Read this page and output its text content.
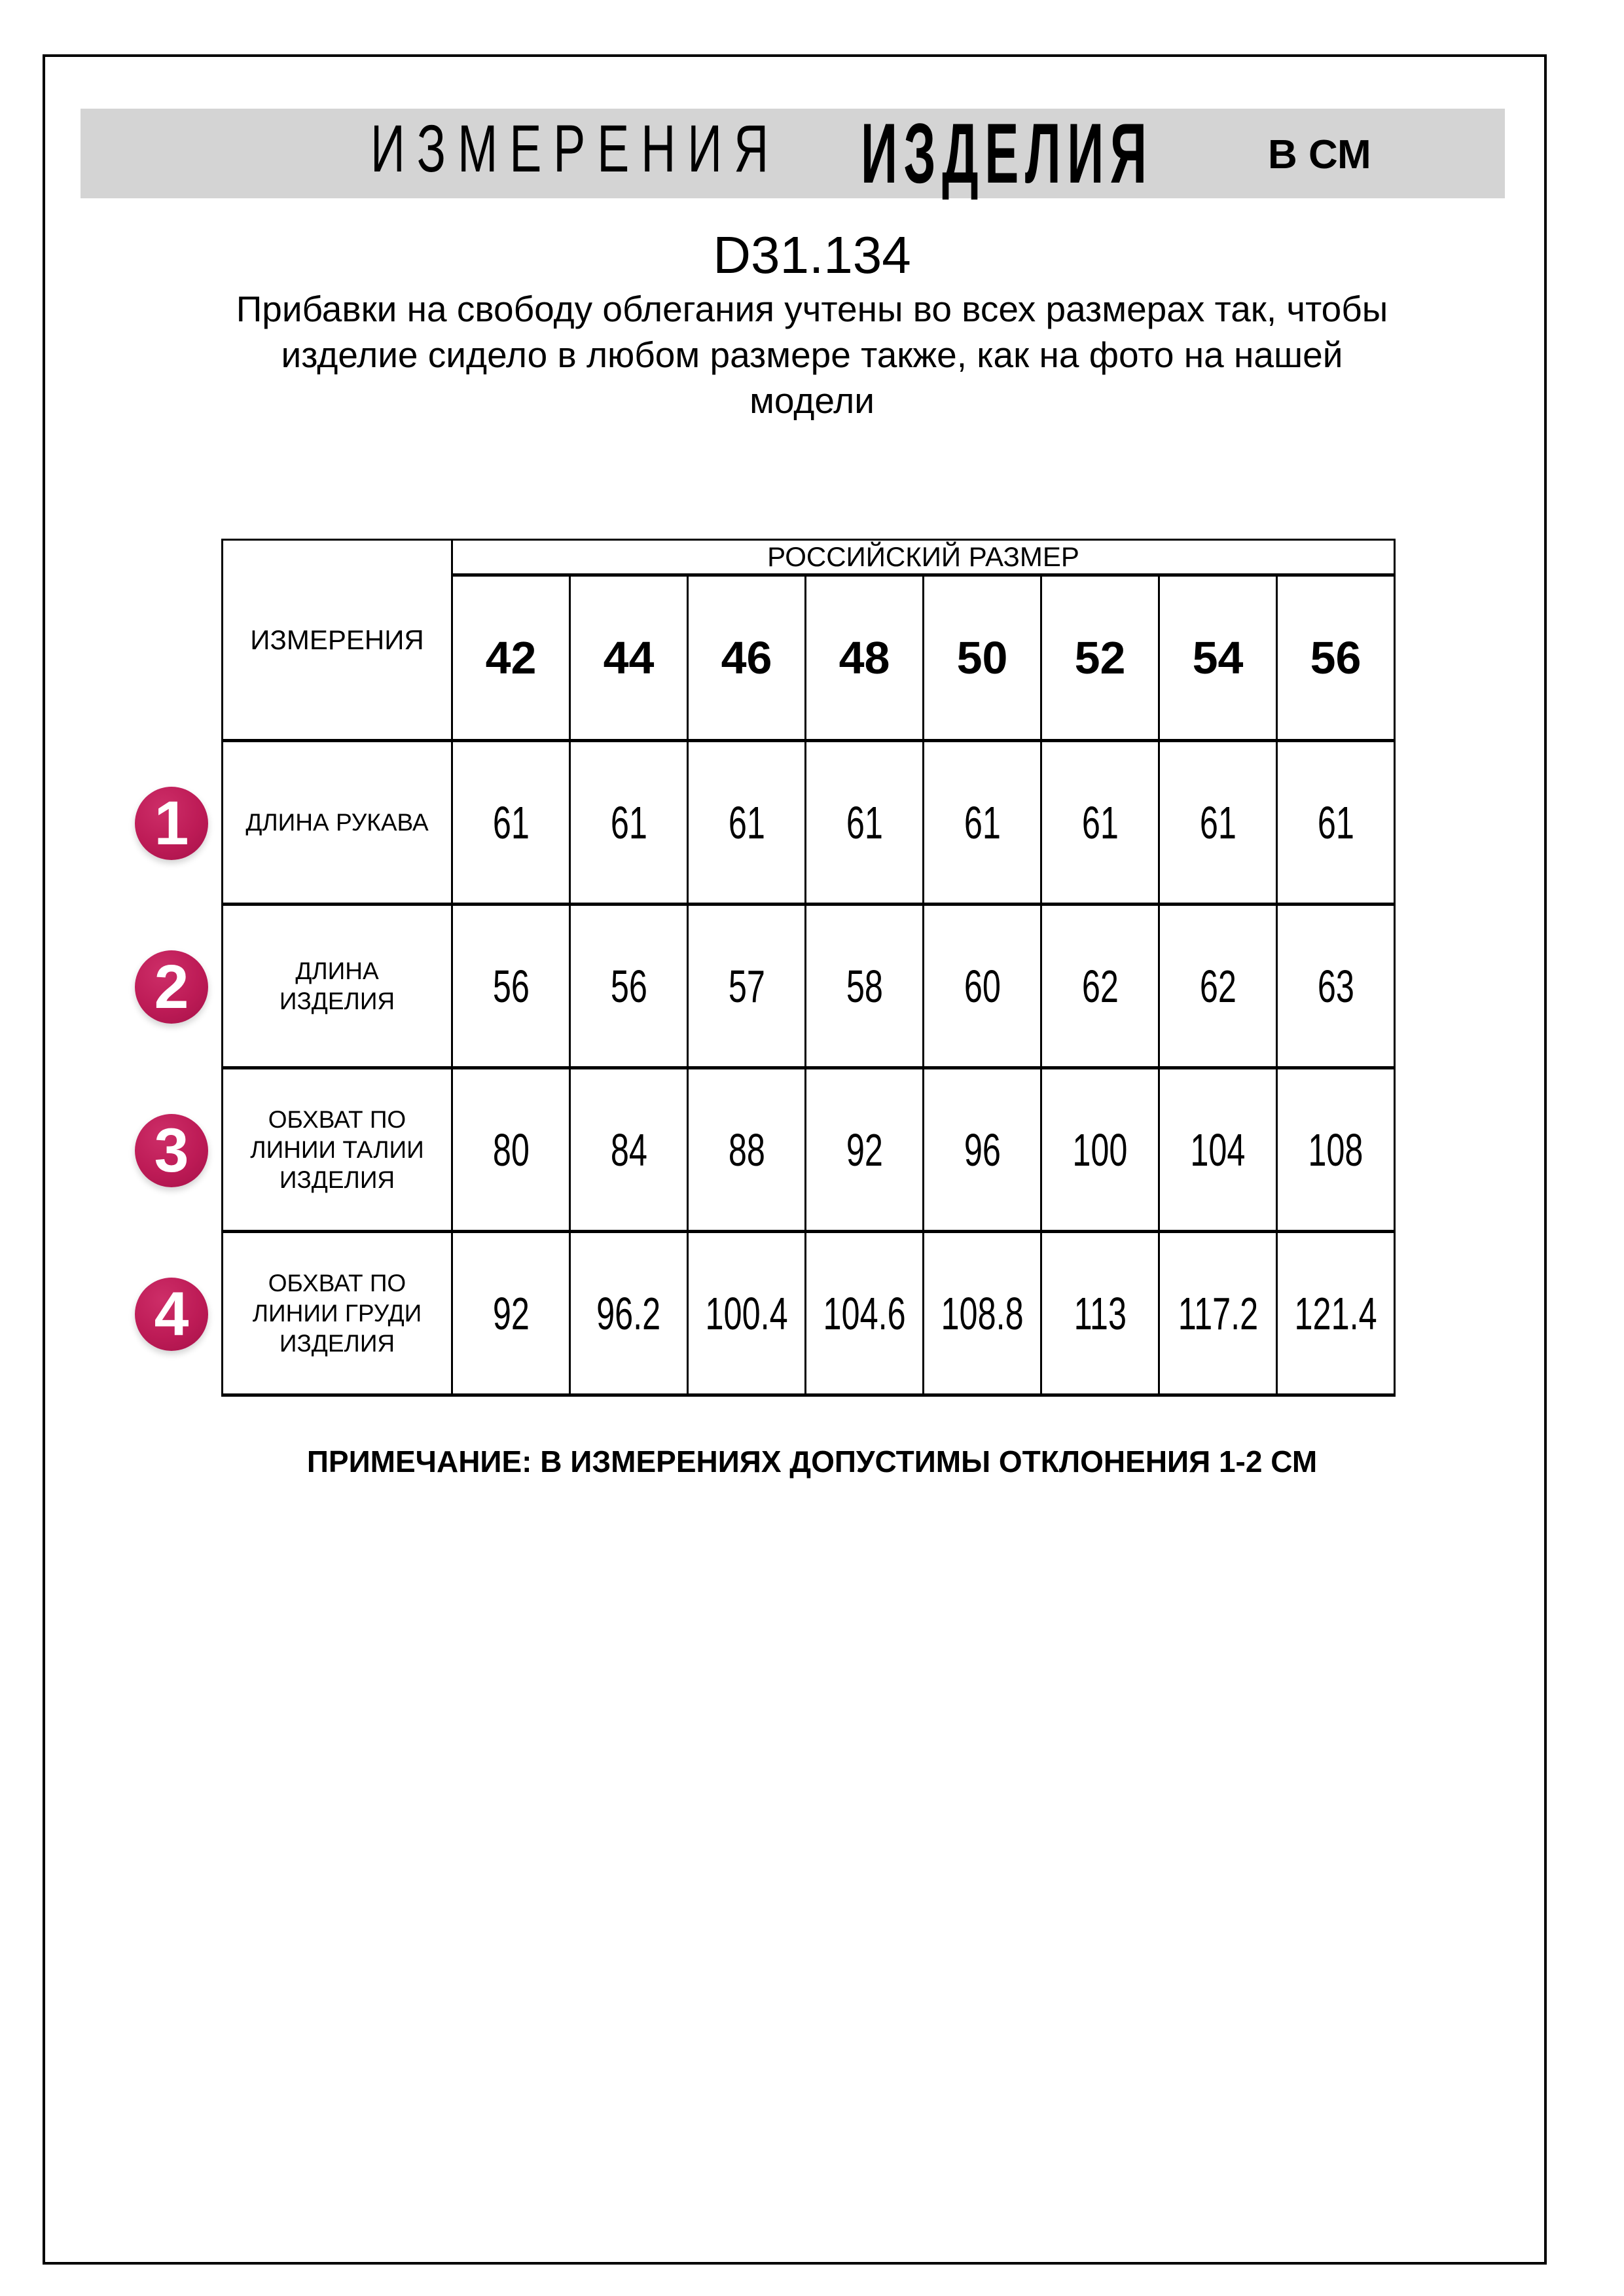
ИЗМЕРЕНИЯ ИЗДЕЛИЯ	В СМ
D31.134
Прибавки на свободу облегания учтены во всех размерах так, чтобы
изделие сидело в любом размере также, как на фото на нашей
модели
ИЗМЕРЕНИЯ	РОССИЙСКИЙ РАЗМЕР							
	42	44	46	48	50	52	54	56

ДЛИНА РУКАВА	61	61	61	61	61	61	61	61

ДЛИНА
ИЗДЕЛИЯ	56	56	57	58	60	62	62	63

ОБХВАТ ПО
ЛИНИИ ТАЛИИ
ИЗДЕЛИЯ	80	84	88	92	96	100	104	108

ОБХВАТ ПО
ЛИНИИ ГРУДИ
ИЗДЕЛИЯ	92	96.2	100.4	104.6	108.8	113	117.2	121.4
1
2
3
4
ПРИМЕЧАНИЕ: В ИЗМЕРЕНИЯХ ДОПУСТИМЫ ОТКЛОНЕНИЯ 1-2 СМ
